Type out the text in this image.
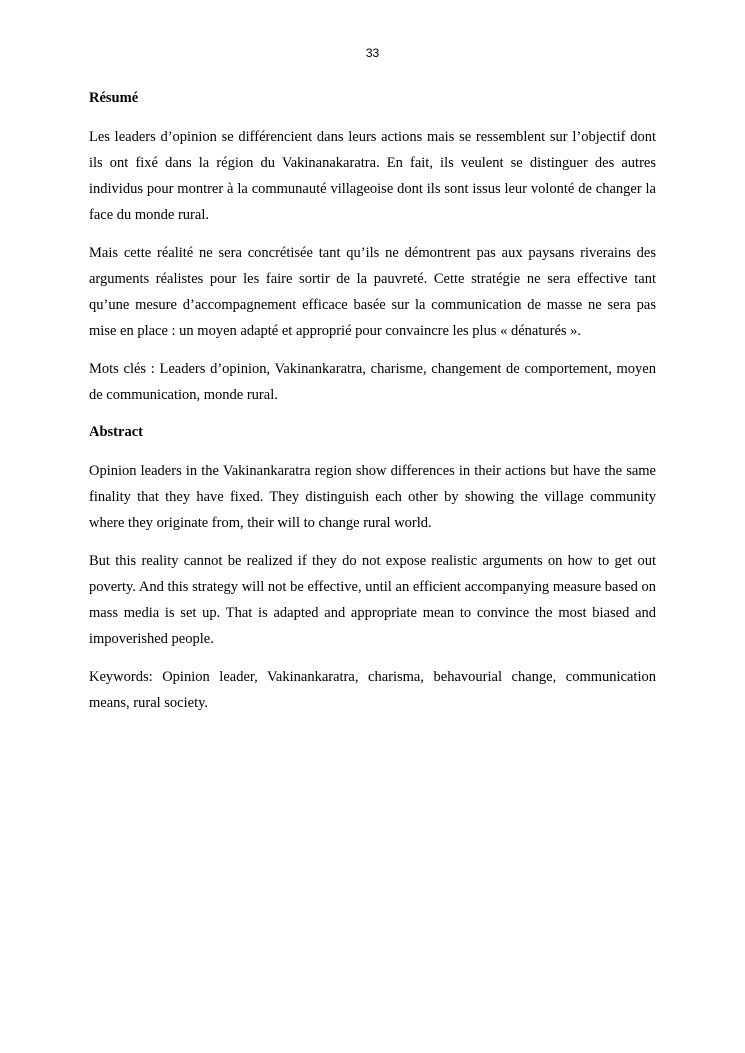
33
Résumé

Les leaders d’opinion se différencient dans leurs actions mais se ressemblent sur l’objectif dont ils ont fixé dans la région du Vakinanakaratra. En fait, ils veulent se distinguer des autres individus pour montrer à la communauté villageoise dont ils sont issus leur volonté de changer la face du monde rural.

Mais cette réalité ne sera concrétisée tant qu’ils ne démontrent pas aux paysans riverains des arguments réalistes pour les faire sortir de la pauvreté. Cette stratégie ne sera effective tant qu’une mesure d’accompagnement efficace basée sur la communication de masse ne sera pas mise en place : un moyen adapté et approprié pour convaincre les plus « dénaturés ».

Mots clés : Leaders d’opinion, Vakinankaratra, charisme, changement de comportement, moyen de communication, monde rural.

Abstract

Opinion leaders in the Vakinankaratra region show differences in their actions but have the same finality that they have fixed. They distinguish each other by showing the village community where they originate from, their will to change rural world.

But this reality cannot be realized if they do not expose realistic arguments on how to get out poverty. And this strategy will not be effective, until an efficient accompanying measure based on mass media is set up. That is adapted and appropriate mean to convince the most biased and impoverished people.

Keywords: Opinion leader, Vakinankaratra, charisma, behavourial change, communication means, rural society.
